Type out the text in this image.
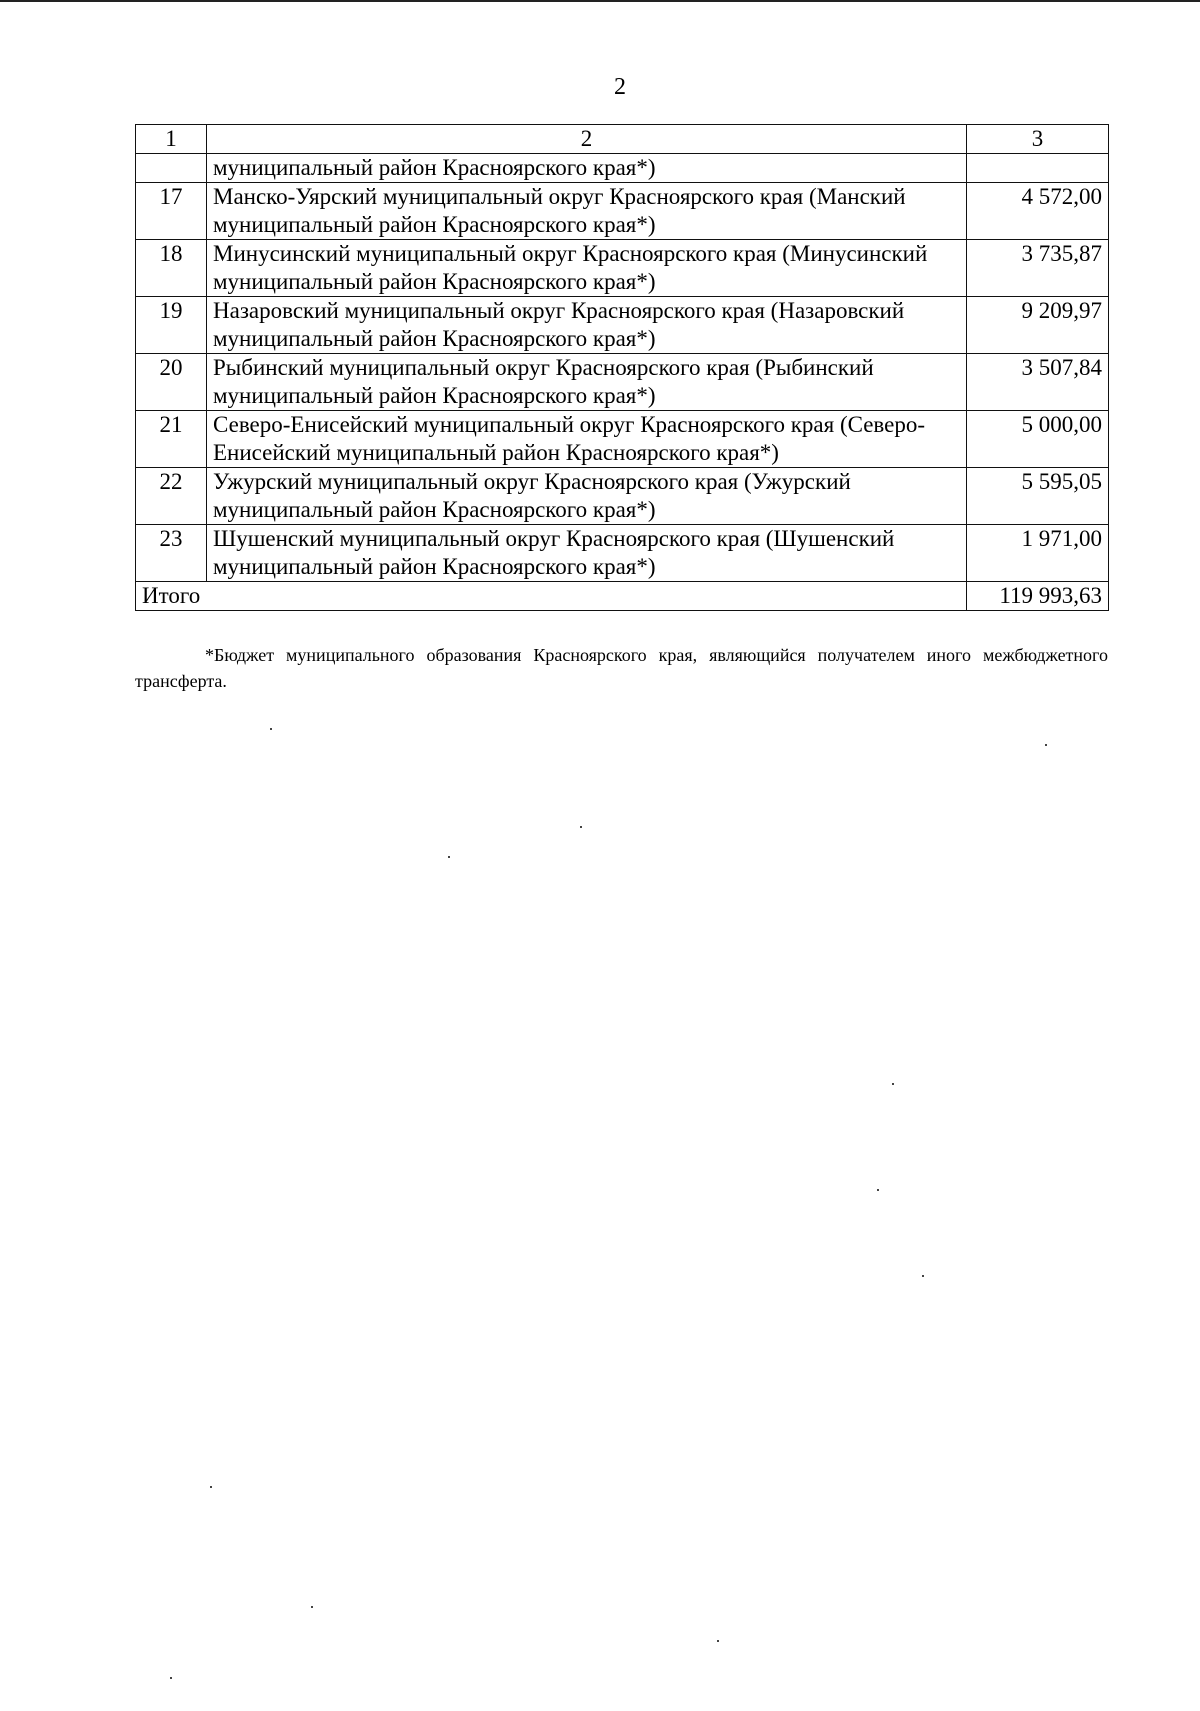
2
1	2	3
	муниципальный район Красноярского края*)	
17	Манско-Уярский муниципальный округ Красноярского края (Манский
муниципальный район Красноярского края*)	4 572,00
18	Минусинский муниципальный округ Красноярского края (Минусинский
муниципальный район Красноярского края*)	3 735,87
19	Назаровский муниципальный округ Красноярского края (Назаровский
муниципальный район Красноярского края*)	9 209,97
20	Рыбинский муниципальный округ Красноярского края (Рыбинский
муниципальный район Красноярского края*)	3 507,84
21	Северо-Енисейский муниципальный округ Красноярского края (Северо-
Енисейский муниципальный район Красноярского края*)	5 000,00
22	Ужурский муниципальный округ Красноярского края (Ужурский
муниципальный район Красноярского края*)	5 595,05
23	Шушенский муниципальный округ Красноярского края (Шушенский
муниципальный район Красноярского края*)	1 971,00
Итого		119 993,63
*Бюджет муниципального образования Красноярского края, являющийся получателем иного межбюджетного трансферта.
